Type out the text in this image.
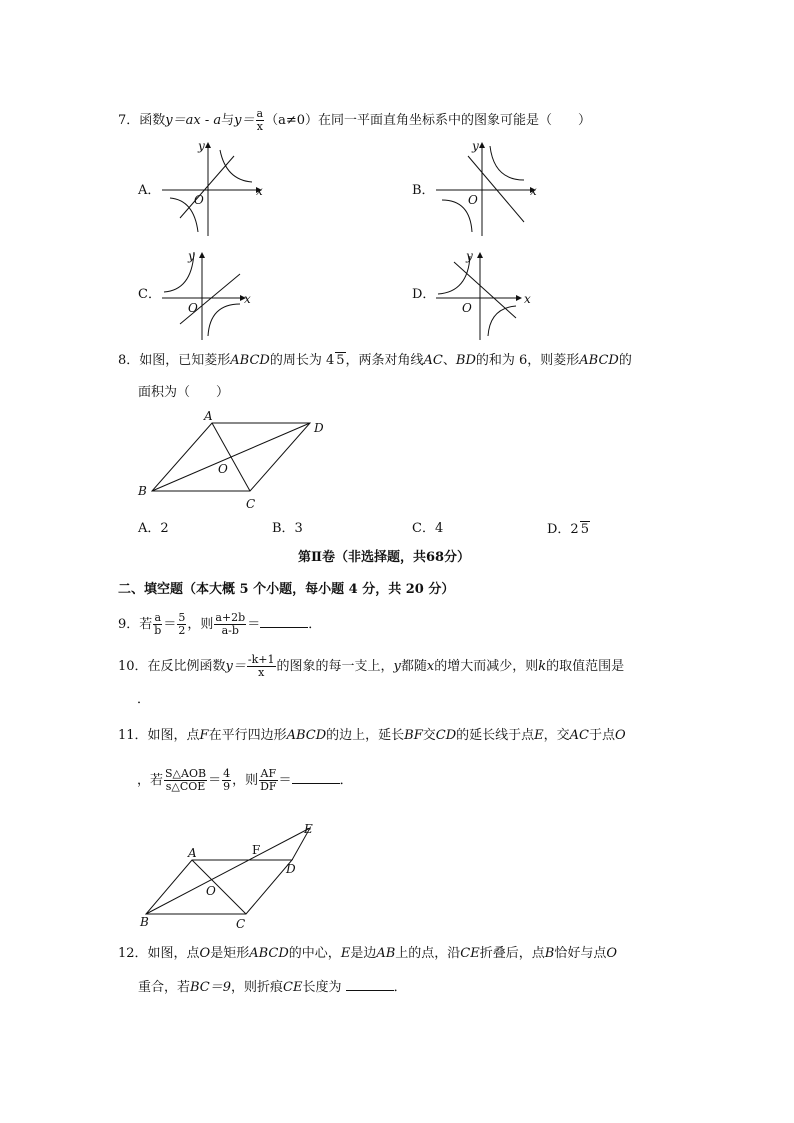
7．函数y＝ax - a与$y= \frac{a}{x} (a\ne 0)$在同一平面直角坐标系中的图象可能是（　　）
A．	x
y
O
B．	x
y
O
C．	x
y
O
D．	x
y
O
8．如图，已知菱形ABCD的周长为 4 5，两条对角线AC、BD的和为 6，则菱形ABCD的
面积为（　　）
A
D
B
C
O
A．2	B．3	C．4	D．2 5
第Ⅱ卷（非选择题，共68分）
二、填空题（本大概 5 个小题，每小题 4 分，共 20 分）
9．若 $\frac{a}{b} = \frac{5}{2}$ ，则 $\frac{a+2b}{a-b}$ ＝	．
10．在反比例函数$y= \frac{-k+1}{x}$ 的图象的每一支上，y都随x的增大而减少，则k的取值范围是
．
11．如图，点F在平行四边形ABCD的边上，延长BF交CD的延长线于点E，交AC于点O
，若 $\frac{\text{S△AOB}}{\text{s△COE}} = \frac{4}{9}$ ，则 $\frac{AF}{DF}$ ＝	．
A	F
E
D
O
B	C
12．如图，点O是矩形ABCD的中心，E是边AB上的点，沿CE折叠后，点B恰好与点O
重合，若BC＝9，则折痕CE长度为	．
